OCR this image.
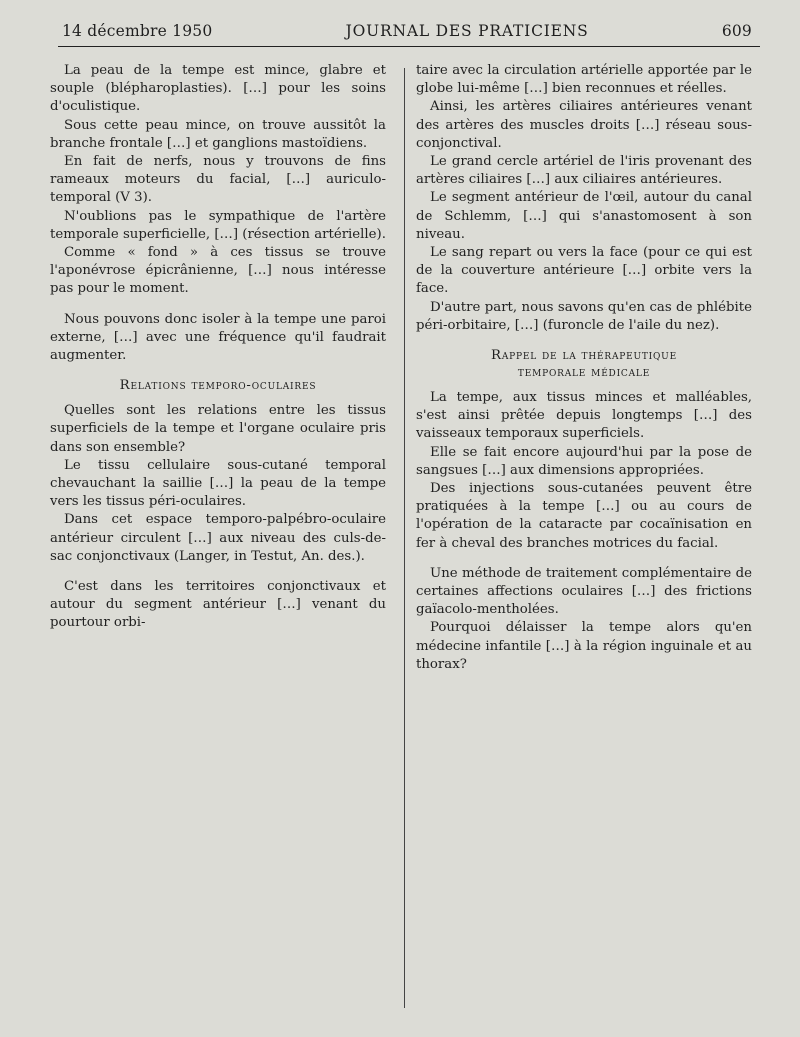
14 décembre 1950	JOURNAL DES PRATICIENS	609

La peau de la tempe est mince, glabre et souple (blépharoplasties). […] pour les soins d'oculistique.

Sous cette peau mince, on trouve aussitôt la branche frontale […] et ganglions mastoïdiens.

En fait de nerfs, nous y trouvons de fins rameaux moteurs du facial, […] auriculo-temporal (V 3).

N'oublions pas le sympathique de l'artère temporale superficielle, […] (résection artérielle).

Comme « fond » à ces tissus se trouve l'aponévrose épicrânienne, […] nous intéresse pas pour le moment.

Nous pouvons donc isoler à la tempe une paroi externe, […] avec une fréquence qu'il faudrait augmenter.

Relations temporo-oculaires

Quelles sont les relations entre les tissus superficiels de la tempe et l'organe oculaire pris dans son ensemble?

Le tissu cellulaire sous-cutané temporal chevauchant la saillie […] la peau de la tempe vers les tissus péri-oculaires.

Dans cet espace temporo-palpébro-oculaire antérieur circulent […] aux niveau des culs-de-sac conjonctivaux (Langer, in Testut, An. des.).

C'est dans les territoires conjonctivaux et autour du segment antérieur […] venant du pourtour orbi-

taire avec la circulation artérielle apportée par le globe lui-même […] bien reconnues et réelles.

Ainsi, les artères ciliaires antérieures venant des artères des muscles droits […] réseau sous-conjonctival.

Le grand cercle artériel de l'iris provenant des artères ciliaires […] aux ciliaires antérieures.

Le segment antérieur de l'œil, autour du canal de Schlemm, […] qui s'anastomosent à son niveau.

Le sang repart ou vers la face (pour ce qui est de la couverture antérieure […] orbite vers la face.

D'autre part, nous savons qu'en cas de phlébite péri-orbitaire, […] (furoncle de l'aile du nez).

Rappel de la thérapeutique
temporale médicale

La tempe, aux tissus minces et malléables, s'est ainsi prêtée depuis longtemps […] des vaisseaux temporaux superficiels.

Elle se fait encore aujourd'hui par la pose de sangsues […] aux dimensions appropriées.

Des injections sous-cutanées peuvent être pratiquées à la tempe […] ou au cours de l'opération de la cataracte par cocaïnisation en fer à cheval des branches motrices du facial.

Une méthode de traitement complémentaire de certaines affections oculaires […] des frictions gaïacolo-mentholées.

Pourquoi délaisser la tempe alors qu'en médecine infantile […] à la région inguinale et au thorax?
